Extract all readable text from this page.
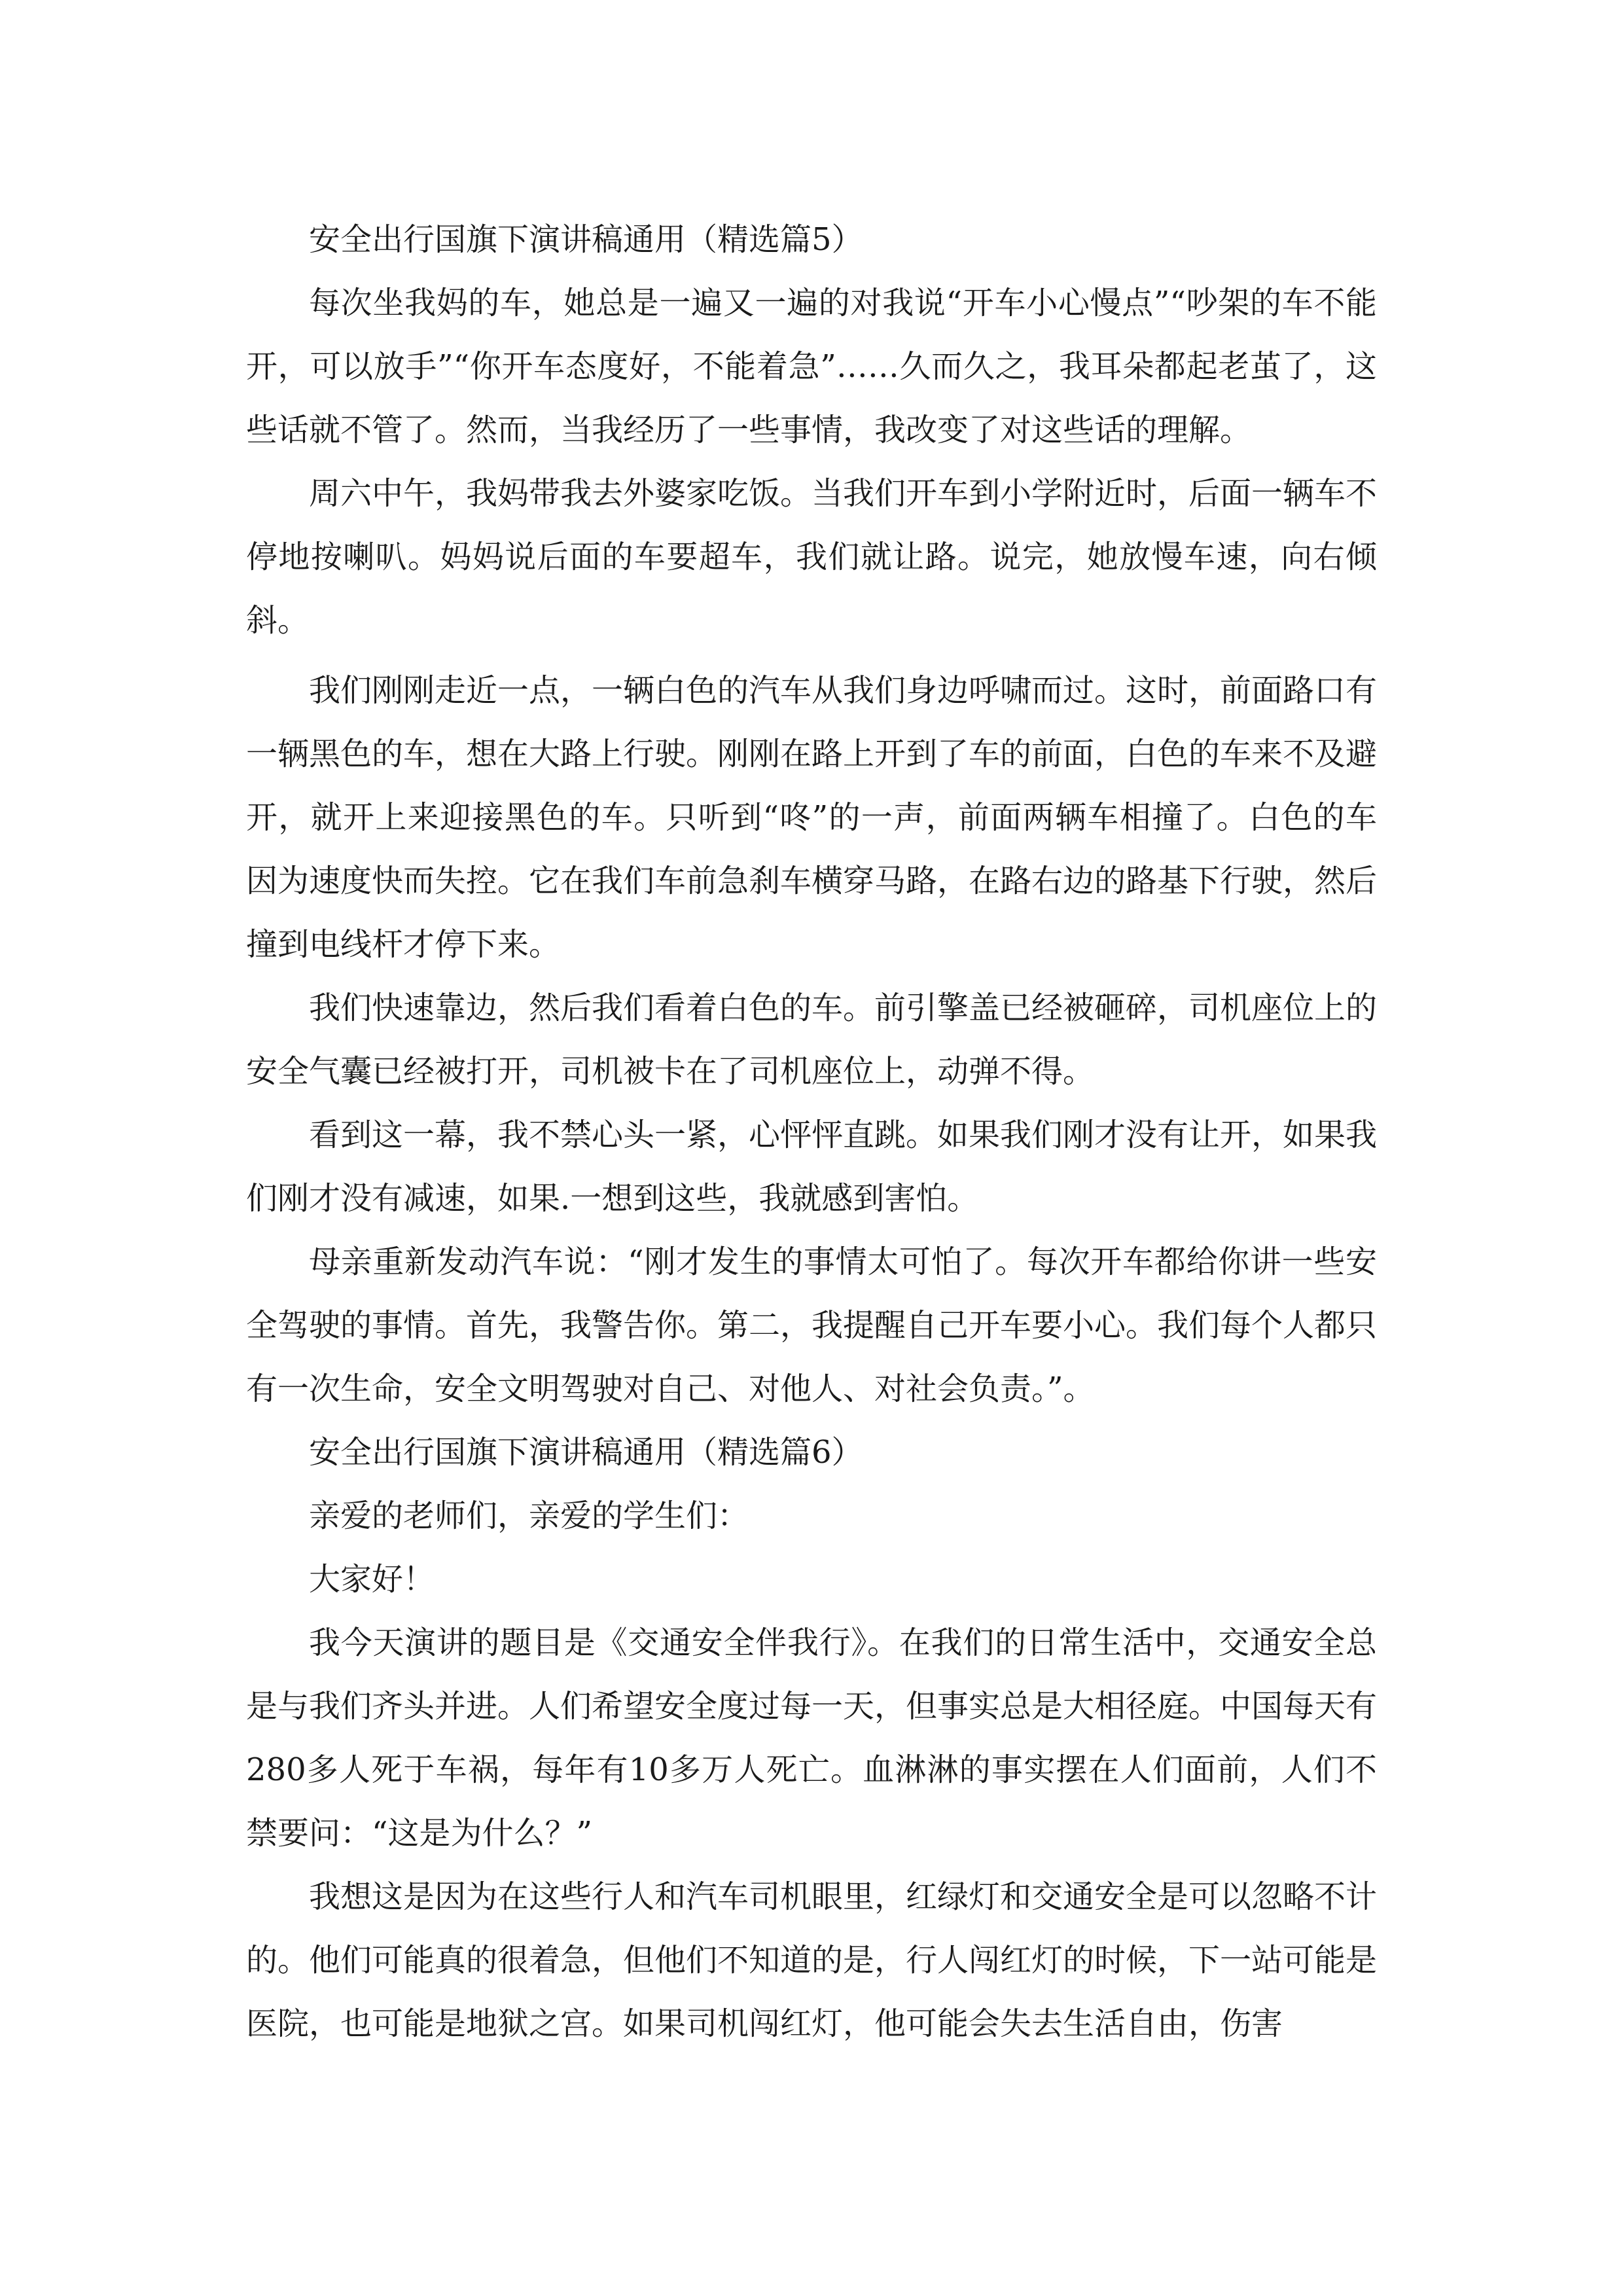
安全出行国旗下演讲稿通用（精选篇5）

每次坐我妈的车，她总是一遍又一遍的对我说“开车小心慢点”“吵架的车不能开，可以放手”“你开车态度好，不能着急”……久而久之，我耳朵都起老茧了，这些话就不管了。然而，当我经历了一些事情，我改变了对这些话的理解。

周六中午，我妈带我去外婆家吃饭。当我们开车到小学附近时，后面一辆车不停地按喇叭。妈妈说后面的车要超车，我们就让路。说完，她放慢车速，向右倾斜。

我们刚刚走近一点，一辆白色的汽车从我们身边呼啸而过。这时，前面路口有一辆黑色的车，想在大路上行驶。刚刚在路上开到了车的前面，白色的车来不及避开，就开上来迎接黑色的车。只听到“咚”的一声，前面两辆车相撞了。白色的车因为速度快而失控。它在我们车前急刹车横穿马路，在路右边的路基下行驶，然后撞到电线杆才停下来。

我们快速靠边，然后我们看着白色的车。前引擎盖已经被砸碎，司机座位上的安全气囊已经被打开，司机被卡在了司机座位上，动弹不得。

看到这一幕，我不禁心头一紧，心怦怦直跳。如果我们刚才没有让开，如果我们刚才没有减速，如果.一想到这些，我就感到害怕。

母亲重新发动汽车说：“刚才发生的事情太可怕了。每次开车都给你讲一些安全驾驶的事情。首先，我警告你。第二，我提醒自己开车要小心。我们每个人都只有一次生命，安全文明驾驶对自己、对他人、对社会负责。”。

安全出行国旗下演讲稿通用（精选篇6）

亲爱的老师们，亲爱的学生们：

大家好！

我今天演讲的题目是《交通安全伴我行》。在我们的日常生活中，交通安全总是与我们齐头并进。人们希望安全度过每一天，但事实总是大相径庭。中国每天有280多人死于车祸，每年有10多万人死亡。血淋淋的事实摆在人们面前，人们不禁要问：“这是为什么？”

我想这是因为在这些行人和汽车司机眼里，红绿灯和交通安全是可以忽略不计的。他们可能真的很着急，但他们不知道的是，行人闯红灯的时候，下一站可能是医院，也可能是地狱之宫。如果司机闯红灯，他可能会失去生活自由，伤害
